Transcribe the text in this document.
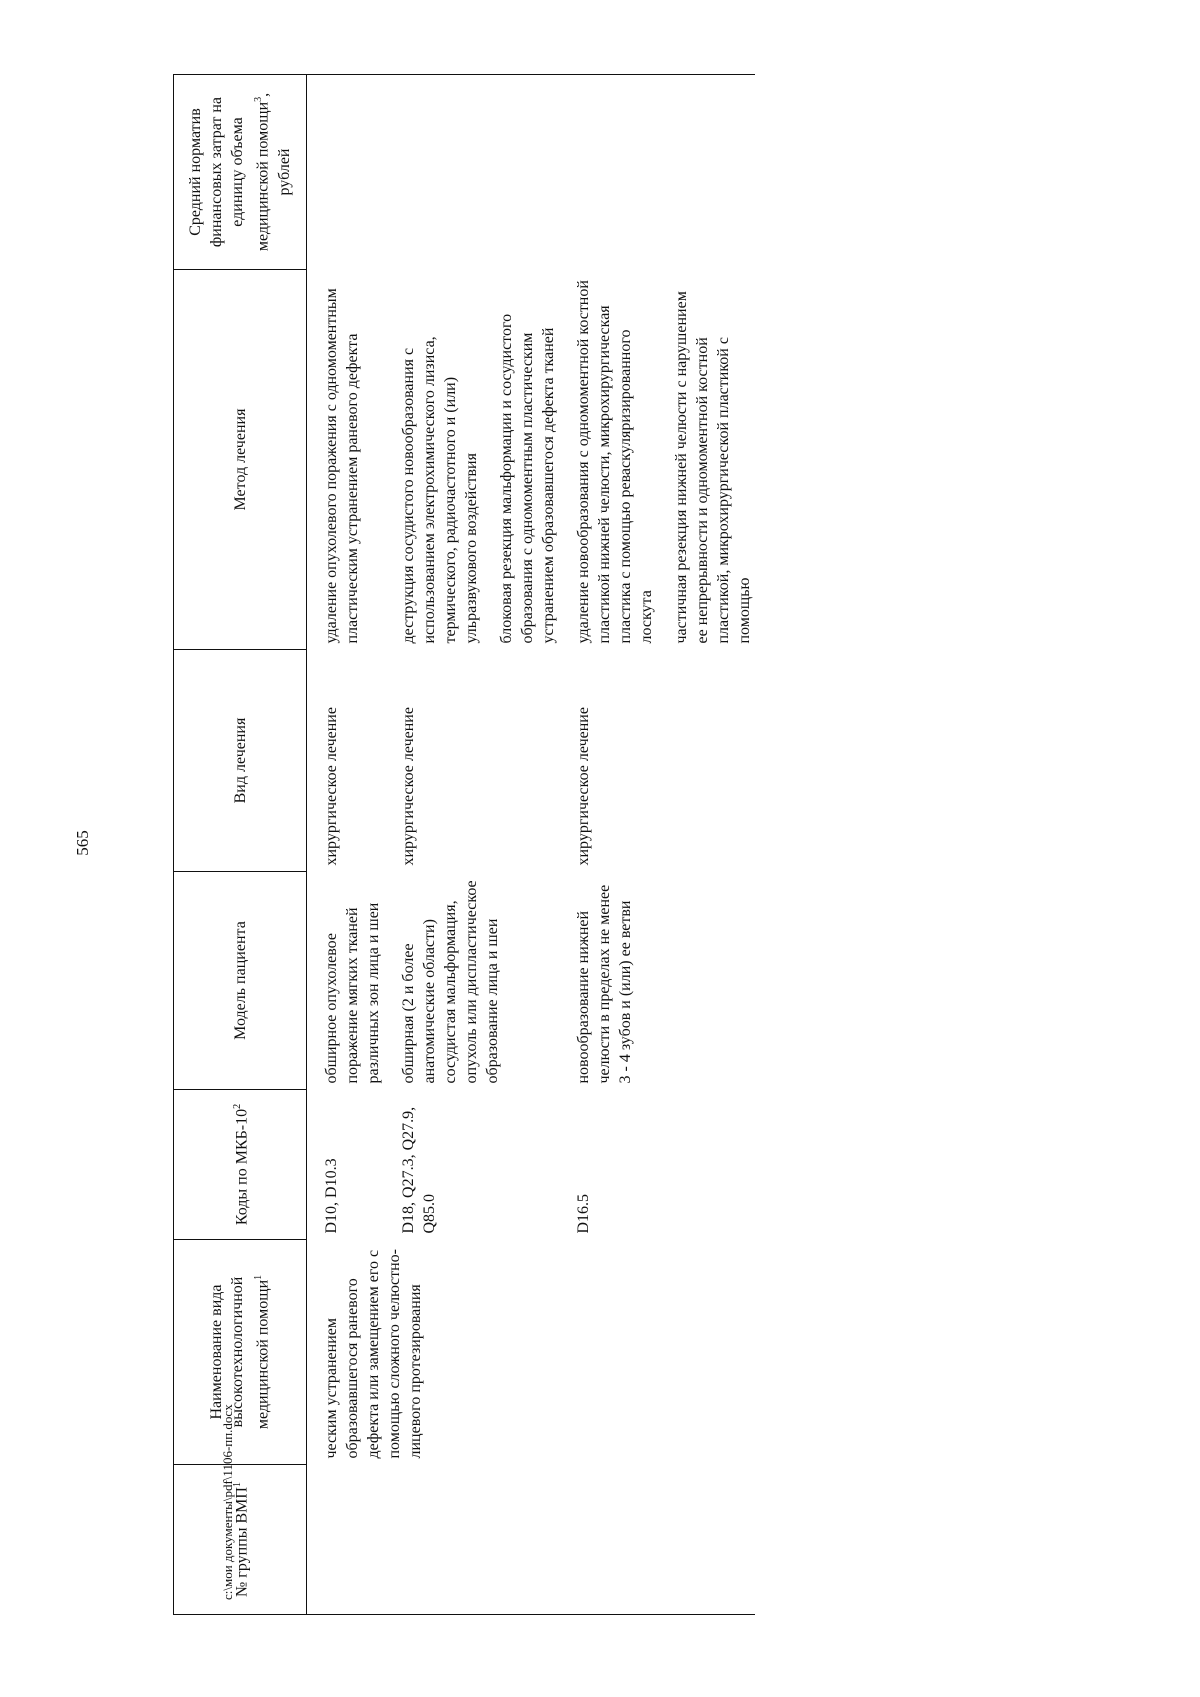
565
№ группы ВМП$^1$	Наименование вида высокотехнологичной медицинской помощи$^1$	Коды по МКБ-$10^2$	Модель пациента	Вид лечения	Метод лечения	Средний норматив финансовых затрат на единицу объема медицинской помощи$^3$, рублей
	ческим устранением образовавшегося раневого дефекта или замещением его с помощью сложного челюстно-лицевого протезирования	D10, D10.3	обширное опухолевое поражение мягких тканей различных зон лица и шеи	хирургическое лечение	удаление опухолевого поражения с одномоментным пластическим устранением раневого дефекта	

		D18, Q27.3, Q27.9, Q85.0	обширная (2 и более анатомические области) сосудистая мальформация, опухоль или диспластическое образование лица и шеи	хирургическое лечение	деструкция сосудистого новообразования с использованием электрохимического лизиса, термического, радиочастотного и (или) ульразвукового воздействия блоковая резекция мальформации и сосудистого образования с одномоментным пластическим устранением образовавшегося дефекта тканей	

		D16.5	новообразование нижней челюсти в пределах не менее 3 - 4 зубов и (или) ее ветви	хирургическое лечение	удаление новообразования с одномоментной костной пластикой нижней челюсти, микрохирургическая пластика с помощью реваскуляризированного лоскута частичная резекция нижней челюсти с нарушением ее непрерывности и одномоментной костной пластикой, микрохирургической пластикой с помощью	

c:\мои документы\pdf\1106-пп.docx
